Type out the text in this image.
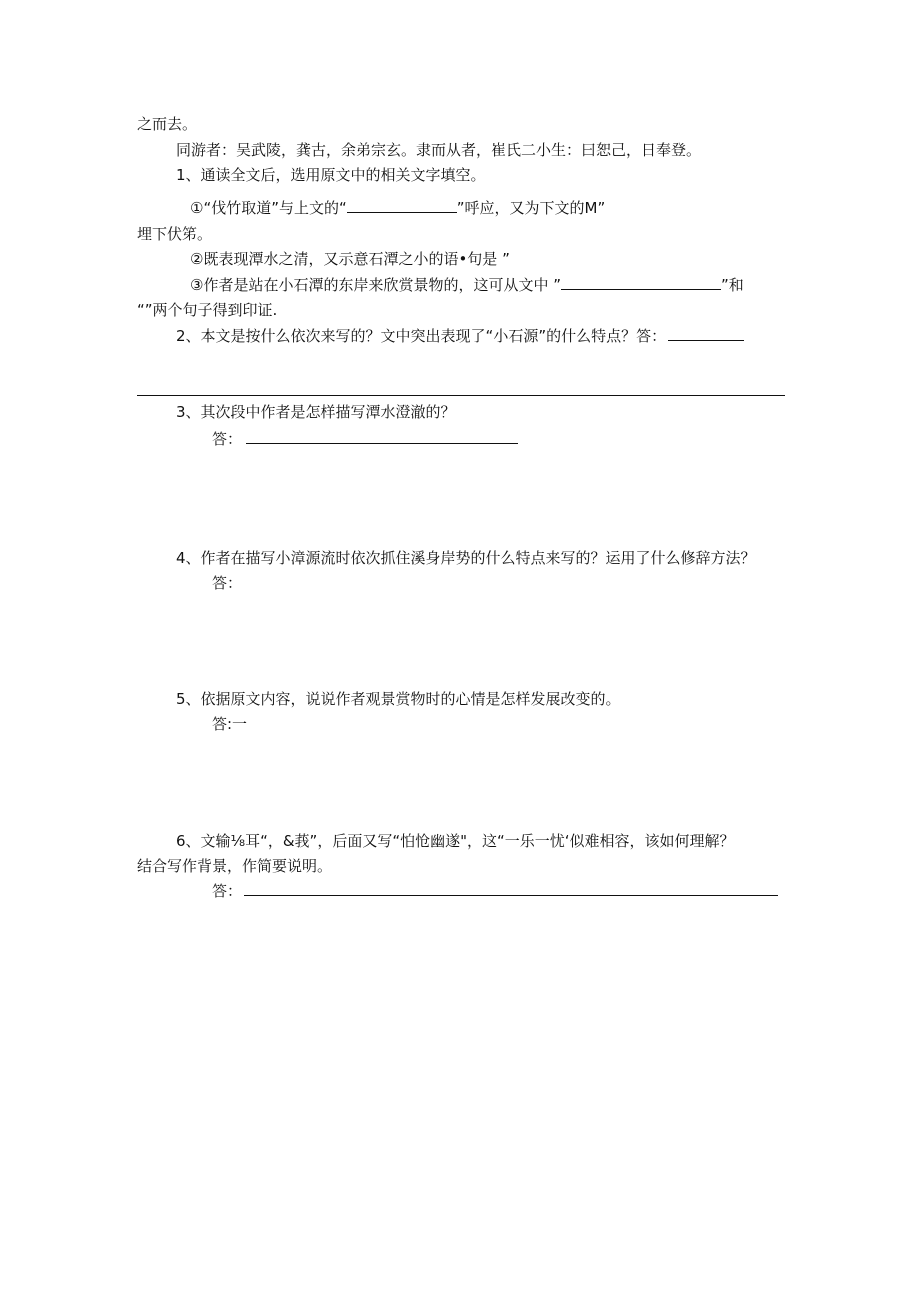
之而去。
同游者：吴武陵，龚古，余弟宗玄。隶而从者，崔氏二小生：曰恕己，日奉登。
1、通读全文后，选用原文中的相关文字填空。
①“伐竹取道”与上文的“	”呼应，又为下文的M”
埋下伏笫。
②既表现潭水之清，又示意石潭之小的语•句是 ”
③作者是站在小石潭的东岸来欣赏景物的，这可从文中 ”	”和
“”两个句子得到印证.
2、本文是按什么依次来写的？文中突出表现了“小石源”的什么特点？答：
3、其次段中作者是怎样描写潭水澄澈的？
答：
4、作者在描写小漳源流时依次抓住溪身岸势的什么特点来写的？运用了什么修辞方法？
答：
5、依据原文内容，说说作者观景赏物时的心情是怎样发展改变的。
答:一
6、文输⅛耳“，&莪”，后面又写“怕怆幽遂"，这“一乐一忧‘似难相容，该如何理解？
结合写作背景，作简要说明。
答：
